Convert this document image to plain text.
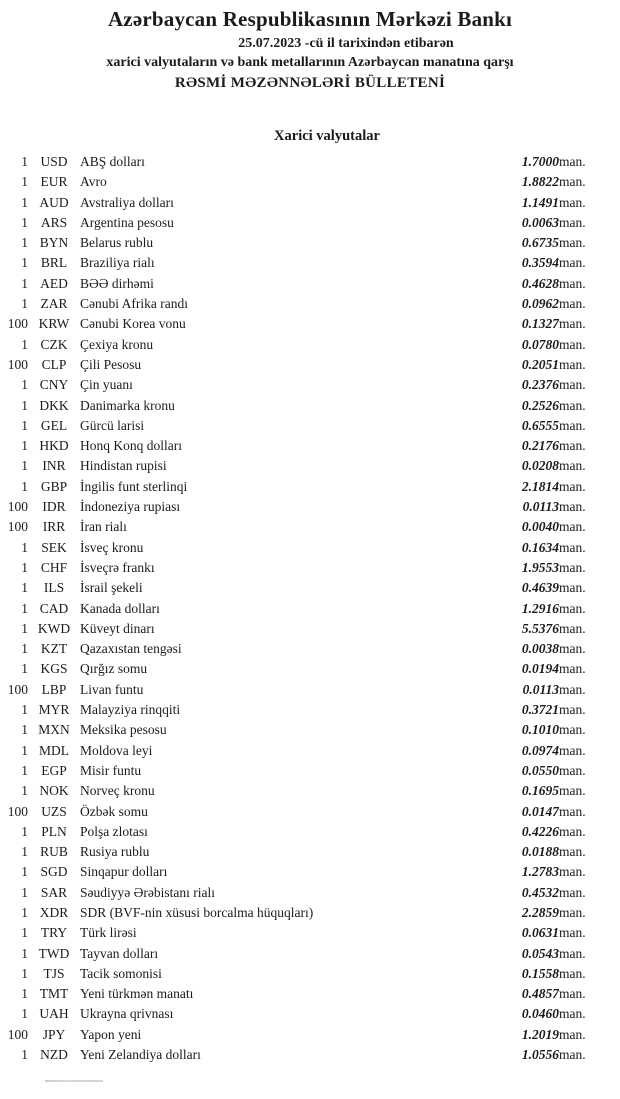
Azərbaycan Respublikasının Mərkəzi Bankı
25.07.2023 -cü il tarixindən etibarən
xarici valyutaların və bank metallarının Azərbaycan manatına qarşı
RƏSMİ MƏZƏNNƏLƏRİ BÜLLETENİ
Xarici valyutalar
1	USD	ABŞ dolları	1.7000	man.
1	EUR	Avro	1.8822	man.
1	AUD	Avstraliya dolları	1.1491	man.
1	ARS	Argentina pesosu	0.0063	man.
1	BYN	Belarus rublu	0.6735	man.
1	BRL	Braziliya rialı	0.3594	man.
1	AED	BƏƏ dirhəmi	0.4628	man.
1	ZAR	Cənubi Afrika randı	0.0962	man.
100	KRW	Cənubi Korea vonu	0.1327	man.
1	CZK	Çexiya kronu	0.0780	man.
100	CLP	Çili Pesosu	0.2051	man.
1	CNY	Çin yuanı	0.2376	man.
1	DKK	Danimarka kronu	0.2526	man.
1	GEL	Gürcü larisi	0.6555	man.
1	HKD	Honq Konq dolları	0.2176	man.
1	INR	Hindistan rupisi	0.0208	man.
1	GBP	İngilis funt sterlinqi	2.1814	man.
100	IDR	İndoneziya rupiası	0.0113	man.
100	IRR	İran rialı	0.0040	man.
1	SEK	İsveç kronu	0.1634	man.
1	CHF	İsveçrə frankı	1.9553	man.
1	ILS	İsrail şekeli	0.4639	man.
1	CAD	Kanada dolları	1.2916	man.
1	KWD	Küveyt dinarı	5.5376	man.
1	KZT	Qazaxıstan tengəsi	0.0038	man.
1	KGS	Qırğız somu	0.0194	man.
100	LBP	Livan funtu	0.0113	man.
1	MYR	Malayziya rinqqiti	0.3721	man.
1	MXN	Meksika pesosu	0.1010	man.
1	MDL	Moldova leyi	0.0974	man.
1	EGP	Misir funtu	0.0550	man.
1	NOK	Norveç kronu	0.1695	man.
100	UZS	Özbək somu	0.0147	man.
1	PLN	Polşa zlotası	0.4226	man.
1	RUB	Rusiya rublu	0.0188	man.
1	SGD	Sinqapur dolları	1.2783	man.
1	SAR	Səudiyyə Ərəbistanı rialı	0.4532	man.
1	XDR	SDR (BVF-nin xüsusi borcalma hüquqları)	2.2859	man.
1	TRY	Türk lirəsi	0.0631	man.
1	TWD	Tayvan dolları	0.0543	man.
1	TJS	Tacik somonisi	0.1558	man.
1	TMT	Yeni türkmən manatı	0.4857	man.
1	UAH	Ukrayna qrivnası	0.0460	man.
100	JPY	Yapon yeni	1.2019	man.
1	NZD	Yeni Zelandiya dolları	1.0556	man.
